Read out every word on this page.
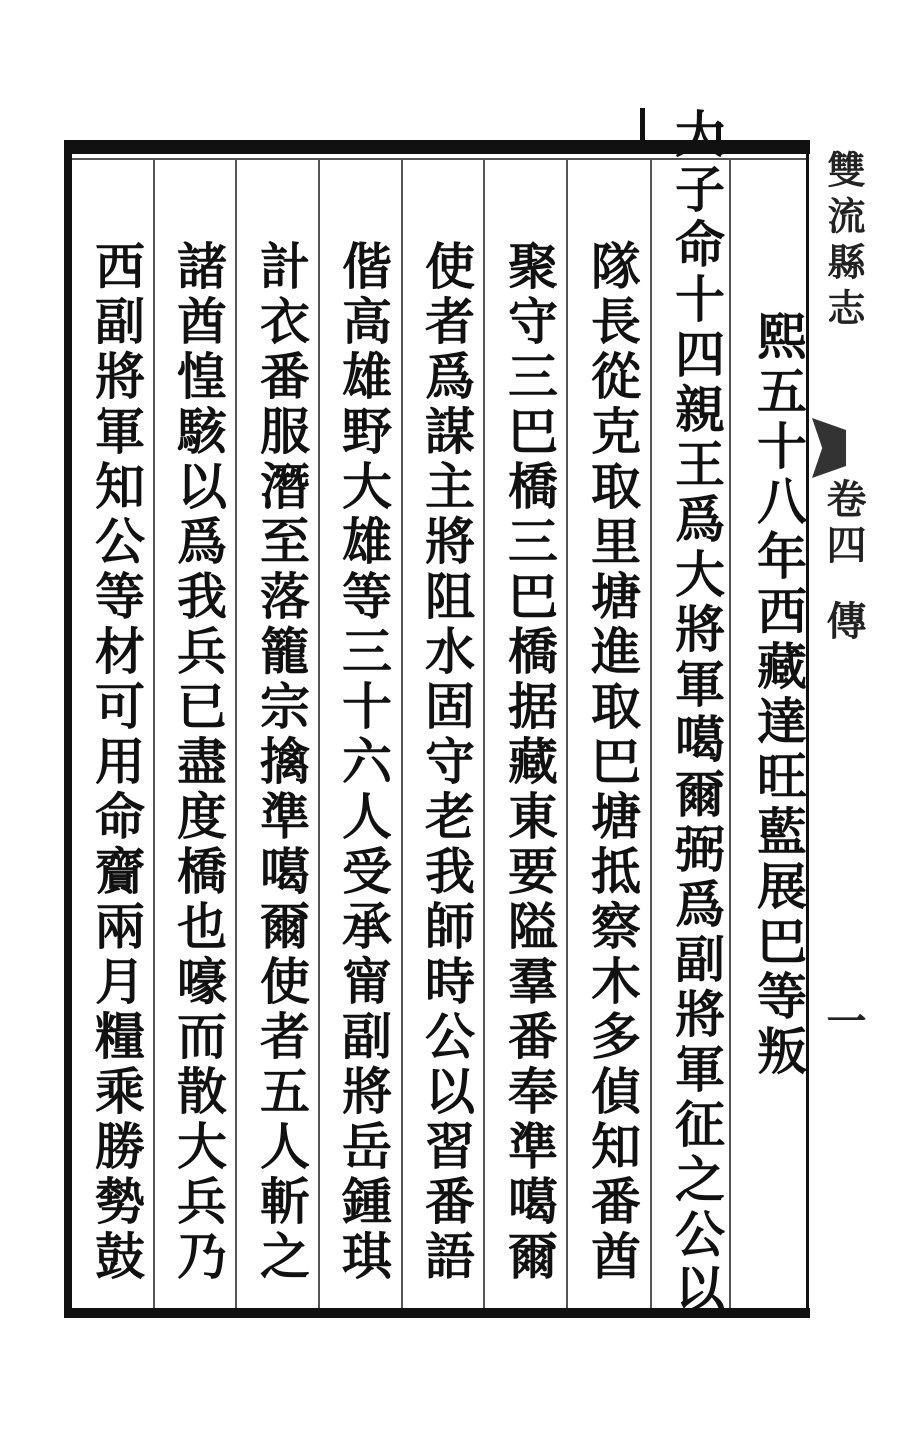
雙流縣志
卷四
傳
一
熙五十八年西藏達旺藍展巴等叛
大子命十四親王爲大將軍噶爾弼爲副將軍征之公以
隊長從克取里塘進取巴塘抵察木多偵知番酋
聚守三巴橋三巴橋据藏東要隘羣番奉準噶爾
使者爲謀主將阻水固守老我師時公以習番語
偕高雄野大雄等三十六人受承甯副將岳鍾琪
計衣番服潛至落籠宗擒準噶爾使者五人斬之
諸酋惶駭以爲我兵已盡度橋也嚎而散大兵乃
西副將軍知公等材可用命齎兩月糧乘勝勢鼓
